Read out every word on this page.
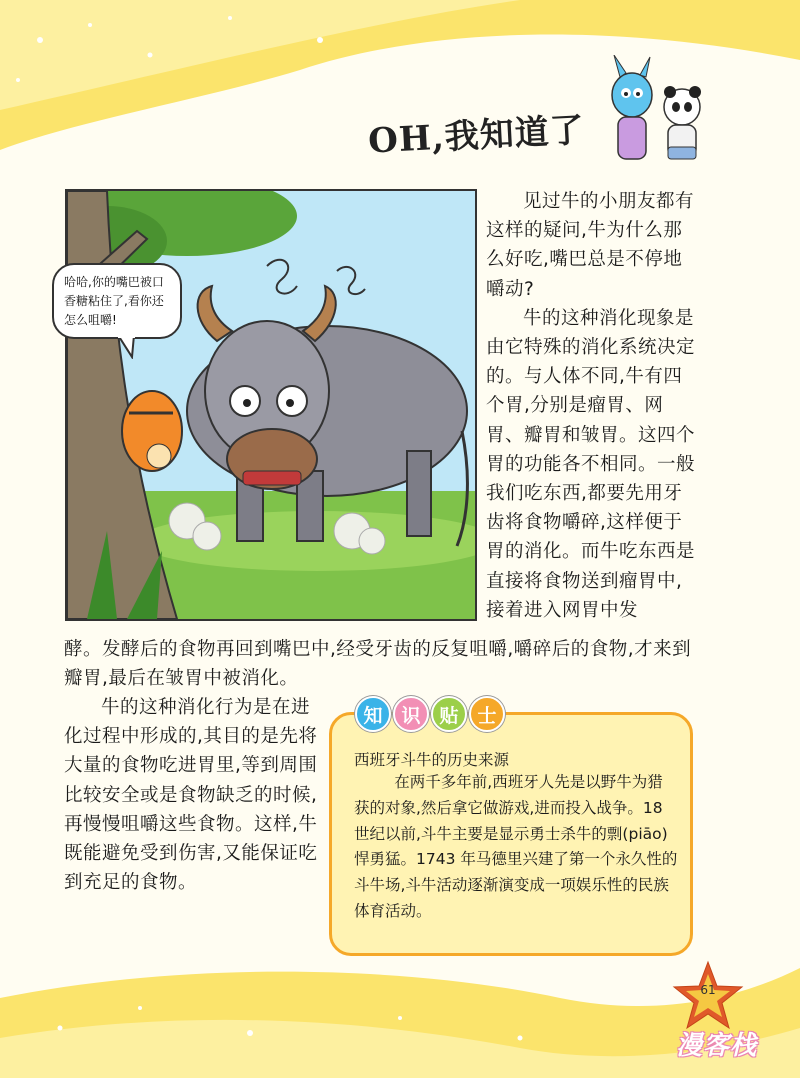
OH,我知道了
哈哈,你的嘴巴被口香糖粘住了,看你还怎么咀嚼!

见过牛的小朋友都有这样的疑问,牛为什么那么好吃,嘴巴总是不停地嚼动?

牛的这种消化现象是由它特殊的消化系统决定的。与人体不同,牛有四个胃,分别是瘤胃、网胃、瓣胃和皱胃。这四个胃的功能各不相同。一般我们吃东西,都要先用牙齿将食物嚼碎,这样便于胃的消化。而牛吃东西是直接将食物送到瘤胃中,接着进入网胃中发

酵。发酵后的食物再回到嘴巴中,经受牙齿的反复咀嚼,嚼碎后的食物,才来到瓣胃,最后在皱胃中被消化。

牛的这种消化行为是在进化过程中形成的,其目的是先将大量的食物吃进胃里,等到周围比较安全或是食物缺乏的时候,再慢慢咀嚼这些食物。这样,牛既能避免受到伤害,又能保证吃到充足的食物。

知 识 贴 士
西班牙斗牛的历史来源

在两千多年前,西班牙人先是以野牛为猎获的对象,然后拿它做游戏,进而投入战争。18 世纪以前,斗牛主要是显示勇士杀牛的剽(piāo)悍勇猛。1743 年马德里兴建了第一个永久性的斗牛场,斗牛活动逐渐演变成一项娱乐性的民族体育活动。

61
漫客栈
